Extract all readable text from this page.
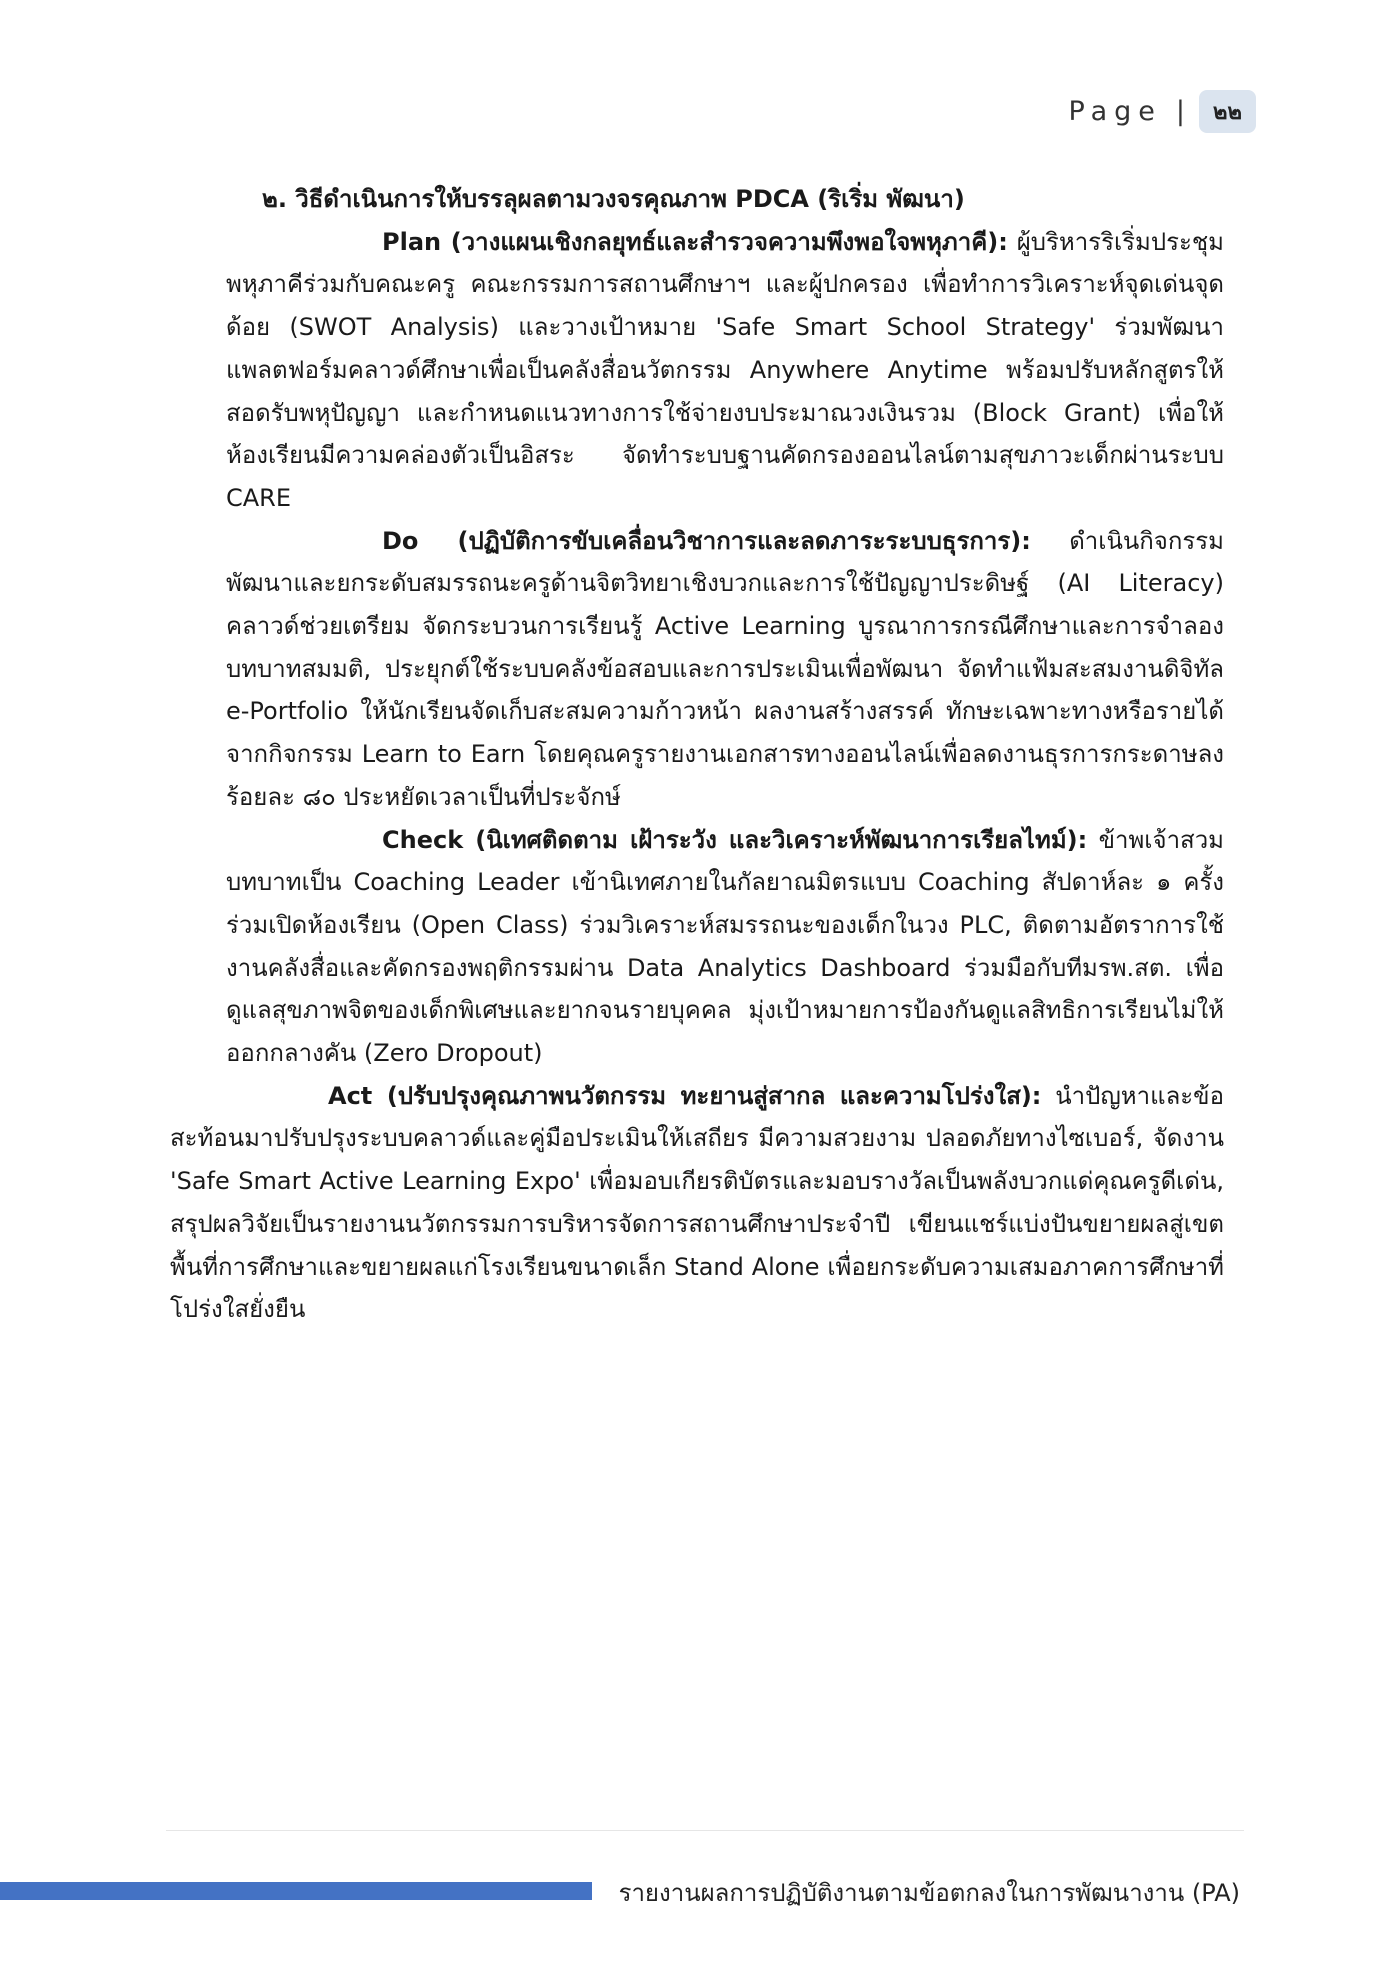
Page |	๒๒

๒. วิธีดำเนินการให้บรรลุผลตามวงจรคุณภาพ PDCA (ริเริ่ม พัฒนา)

Plan (วางแผนเชิงกลยุทธ์และสำรวจความพึงพอใจพหุภาคี): ผู้บริหารริเริ่มประชุมพหุภาคีร่วมกับคณะครู คณะกรรมการสถานศึกษาฯ และผู้ปกครอง เพื่อทำการวิเคราะห์จุดเด่นจุดด้อย (SWOT Analysis) และวางเป้าหมาย 'Safe Smart School Strategy' ร่วมพัฒนาแพลตฟอร์มคลาวด์ศึกษาเพื่อเป็นคลังสื่อนวัตกรรม Anywhere Anytime พร้อมปรับหลักสูตรให้สอดรับพหุปัญญา และกำหนดแนวทางการใช้จ่ายงบประมาณวงเงินรวม (Block Grant) เพื่อให้ห้องเรียนมีความคล่องตัวเป็นอิสระ จัดทำระบบฐานคัดกรองออนไลน์ตามสุขภาวะเด็กผ่านระบบ CARE

Do (ปฏิบัติการขับเคลื่อนวิชาการและลดภาระระบบธุรการ): ดำเนินกิจกรรมพัฒนาและยกระดับสมรรถนะครูด้านจิตวิทยาเชิงบวกและการใช้ปัญญาประดิษฐ์ (AI Literacy) คลาวด์ช่วยเตรียม จัดกระบวนการเรียนรู้ Active Learning บูรณาการกรณีศึกษาและการจำลองบทบาทสมมติ, ประยุกต์ใช้ระบบคลังข้อสอบและการประเมินเพื่อพัฒนา จัดทำแฟ้มสะสมงานดิจิทัล e-Portfolio ให้นักเรียนจัดเก็บสะสมความก้าวหน้า ผลงานสร้างสรรค์ ทักษะเฉพาะทางหรือรายได้จากกิจกรรม Learn to Earn โดยคุณครูรายงานเอกสารทางออนไลน์เพื่อลดงานธุรการกระดาษลงร้อยละ ๘๐ ประหยัดเวลาเป็นที่ประจักษ์

Check (นิเทศติดตาม เฝ้าระวัง และวิเคราะห์พัฒนาการเรียลไทม์): ข้าพเจ้าสวมบทบาทเป็น Coaching Leader เข้านิเทศภายในกัลยาณมิตรแบบ Coaching สัปดาห์ละ ๑ ครั้ง ร่วมเปิดห้องเรียน (Open Class) ร่วมวิเคราะห์สมรรถนะของเด็กในวง PLC, ติดตามอัตราการใช้งานคลังสื่อและคัดกรองพฤติกรรมผ่าน Data Analytics Dashboard ร่วมมือกับทีมรพ.สต. เพื่อดูแลสุขภาพจิตของเด็กพิเศษและยากจนรายบุคคล มุ่งเป้าหมายการป้องกันดูแลสิทธิการเรียนไม่ให้ออกกลางคัน (Zero Dropout)

Act (ปรับปรุงคุณภาพนวัตกรรม ทะยานสู่สากล และความโปร่งใส): นำปัญหาและข้อสะท้อนมาปรับปรุงระบบคลาวด์และคู่มือประเมินให้เสถียร มีความสวยงาม ปลอดภัยทางไซเบอร์, จัดงาน 'Safe Smart Active Learning Expo' เพื่อมอบเกียรติบัตรและมอบรางวัลเป็นพลังบวกแด่คุณครูดีเด่น, สรุปผลวิจัยเป็นรายงานนวัตกรรมการบริหารจัดการสถานศึกษาประจำปี เขียนแชร์แบ่งปันขยายผลสู่เขตพื้นที่การศึกษาและขยายผลแก่โรงเรียนขนาดเล็ก Stand Alone เพื่อยกระดับความเสมอภาคการศึกษาที่โปร่งใสยั่งยืน

รายงานผลการปฏิบัติงานตามข้อตกลงในการพัฒนางาน (PA)
